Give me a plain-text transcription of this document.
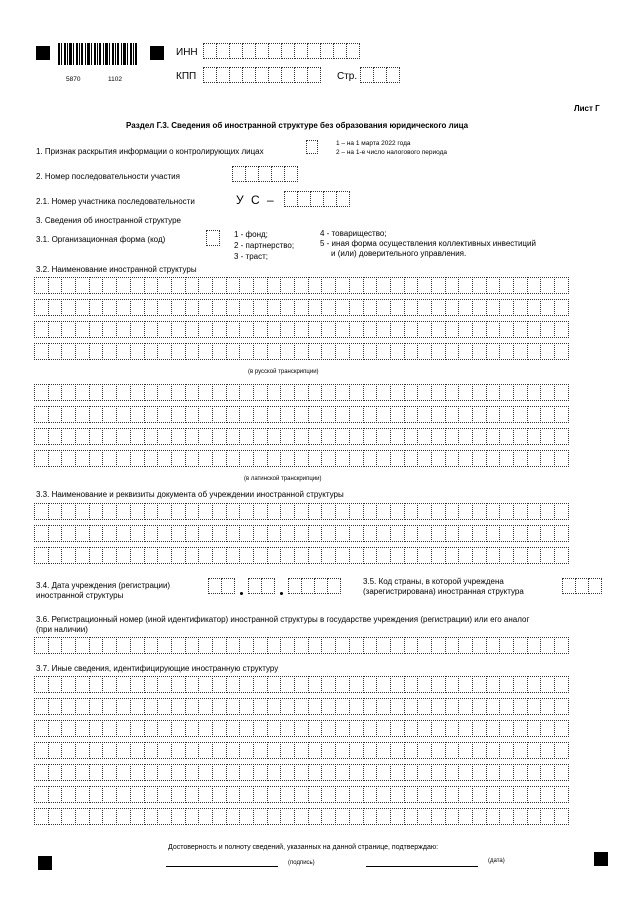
5870	1102
ИНН
КПП	Стр.
Лист Г
Раздел Г.3. Сведения об иностранной структуре без образования юридического лица
1. Признак раскрытия информации о контролирующих лицах
1 – на 1 марта 2022 года
2 – на 1-е число налогового периода
2. Номер последовательности участия
2.1. Номер участника последовательности	У С –
3. Сведения об иностранной структуре
3.1. Организационная форма (код)
1 - фонд;
2 - партнерство;
3 - траст;
4 - товарищество;
5 - иная форма осуществления коллективных инвестиций
и (или) доверительного управления.
3.2. Наименование иностранной структуры
(в русской транскрипции)
(в латинской транскрипции)
3.3. Наименование и реквизиты документа об учреждении иностранной структуры
3.4. Дата учреждения (регистрации)
иностранной структуры
3.5. Код страны, в которой учреждена
(зарегистрирована) иностранная структура
3.6. Регистрационный номер (иной идентификатор) иностранной структуры в государстве учреждения (регистрации) или его аналог
(при наличии)
3.7. Иные сведения, идентифицирующие иностранную структуру
Достоверность и полноту сведений, указанных на данной странице, подтверждаю:
(подпись)	(дата)
